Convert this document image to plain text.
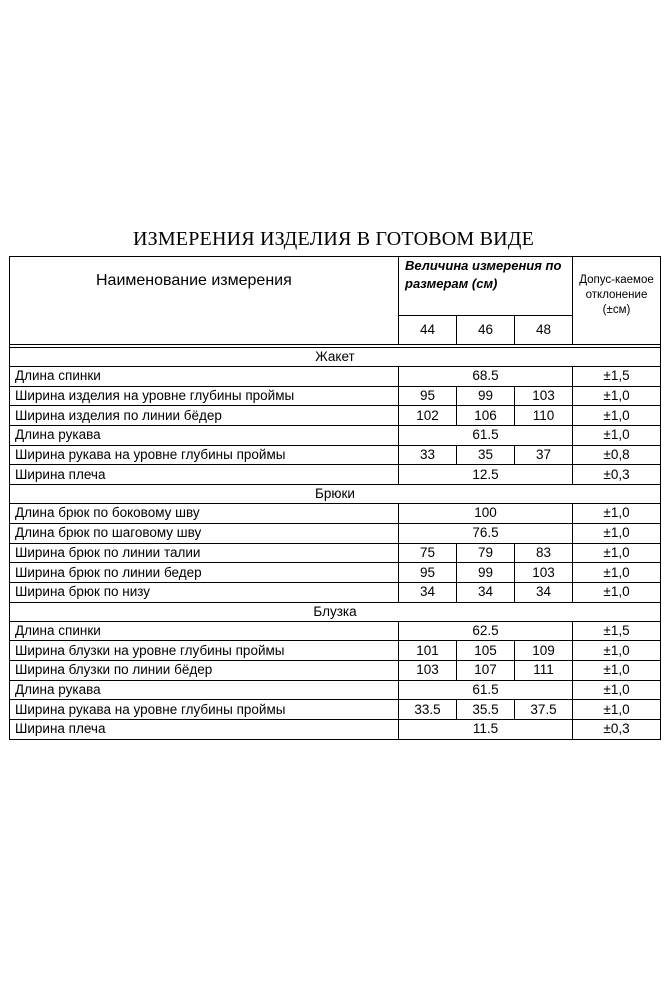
ИЗМЕРЕНИЯ ИЗДЕЛИЯ В ГОТОВОМ ВИДЕ
Наименование измерения	Величина измерения по размерам (см)			Допус-каемое отклонение (±см)
	44	46	48	

Жакет				
Длина спинки	68.5			±1,5
Ширина изделия на уровне глубины проймы	95	99	103	±1,0
Ширина изделия по линии бёдер	102	106	110	±1,0
Длина рукава	61.5			±1,0
Ширина рукава на уровне глубины проймы	33	35	37	±0,8
Ширина плеча	12.5			±0,3
Брюки				
Длина брюк по боковому шву	100			±1,0
Длина брюк по шаговому шву	76.5			±1,0
Ширина брюк по линии талии	75	79	83	±1,0
Ширина брюк по линии бедер	95	99	103	±1,0
Ширина брюк по низу	34	34	34	±1,0
Блузка				
Длина спинки	62.5			±1,5
Ширина блузки на уровне глубины проймы	101	105	109	±1,0
Ширина блузки по линии бёдер	103	107	111	±1,0
Длина рукава	61.5			±1,0
Ширина рукава на уровне глубины проймы	33.5	35.5	37.5	±1,0
Ширина плеча	11.5			±0,3
